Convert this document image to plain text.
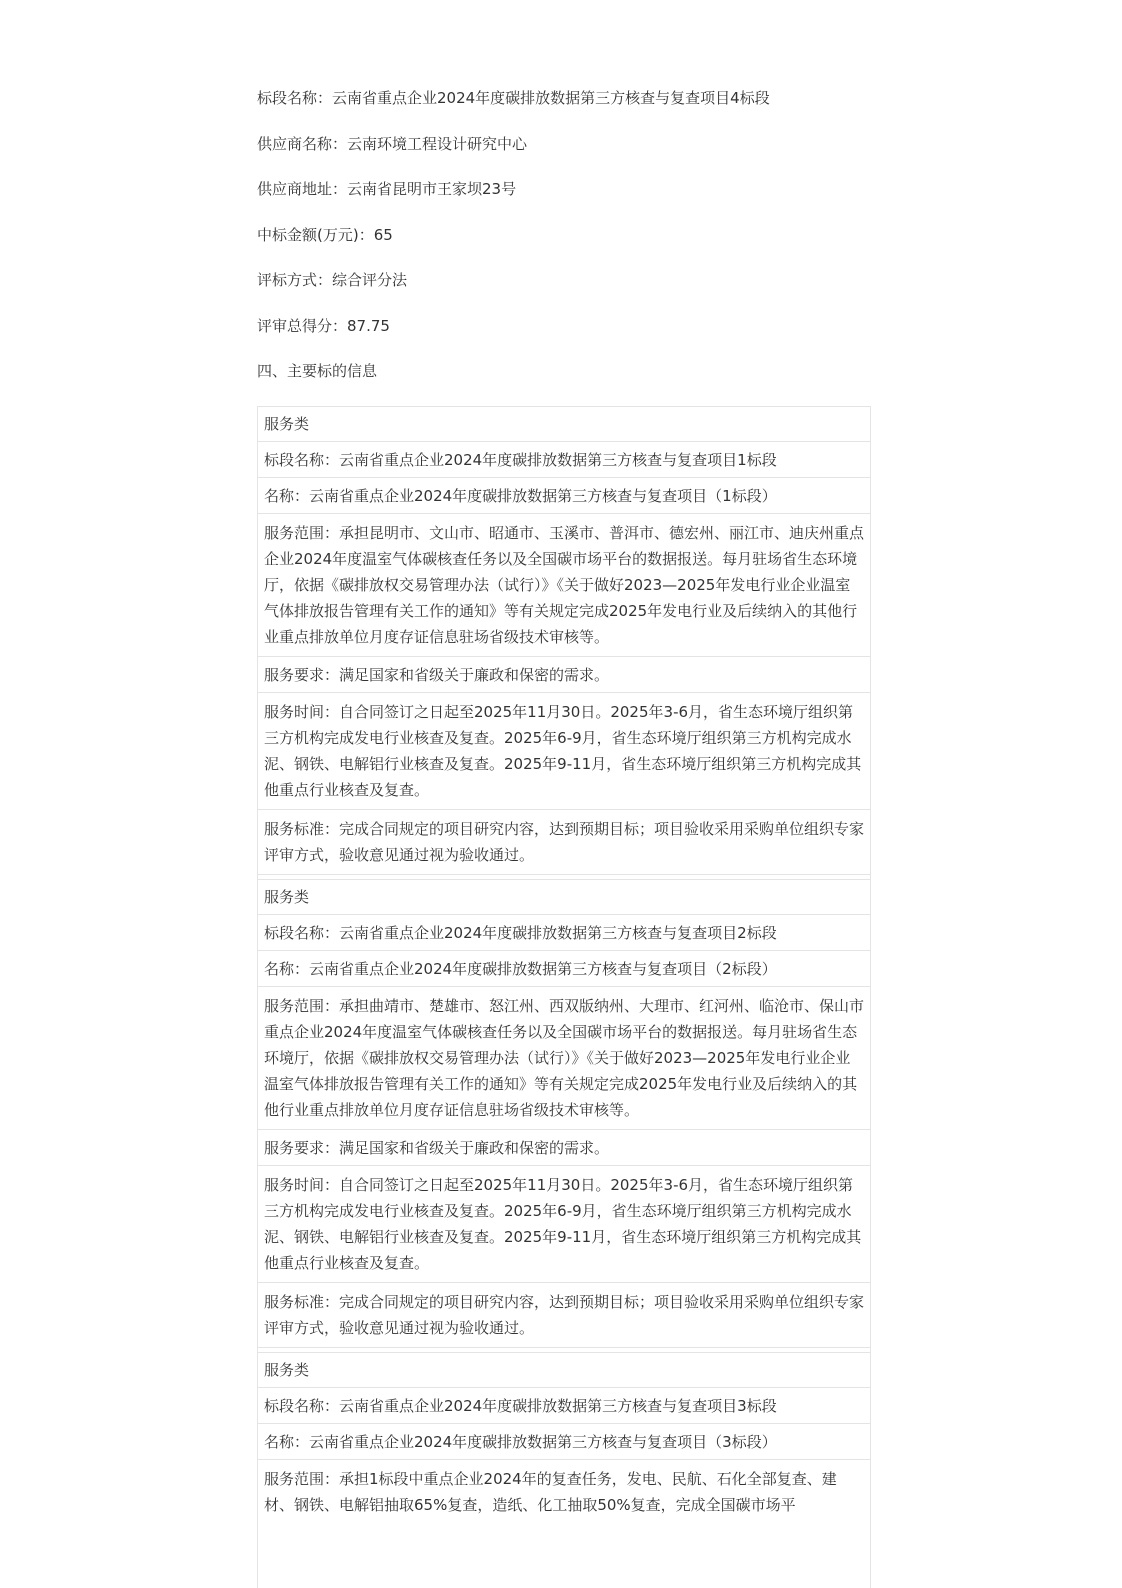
标段名称：云南省重点企业2024年度碳排放数据第三方核查与复查项目4标段

供应商名称：云南环境工程设计研究中心

供应商地址：云南省昆明市王家坝23号

中标金额(万元)：65

评标方式：综合评分法

评审总得分：87.75

四、主要标的信息

服务类
标段名称：云南省重点企业2024年度碳排放数据第三方核查与复查项目1标段
名称：云南省重点企业2024年度碳排放数据第三方核查与复查项目（1标段）
服务范围：承担昆明市、文山市、昭通市、玉溪市、普洱市、德宏州、丽江市、迪庆州重点企业2024年度温室气体碳核查任务以及全国碳市场平台的数据报送。每月驻场省生态环境厅，依据《碳排放权交易管理办法（试行）》《关于做好2023—2025年发电行业企业温室气体排放报告管理有关工作的通知》等有关规定完成2025年发电行业及后续纳入的其他行业重点排放单位月度存证信息驻场省级技术审核等。
服务要求：满足国家和省级关于廉政和保密的需求。
服务时间：自合同签订之日起至2025年11月30日。2025年3-6月，省生态环境厅组织第三方机构完成发电行业核查及复查。2025年6-9月，省生态环境厅组织第三方机构完成水泥、钢铁、电解铝行业核查及复查。2025年9-11月，省生态环境厅组织第三方机构完成其他重点行业核查及复查。
服务标准：完成合同规定的项目研究内容，达到预期目标；项目验收采用采购单位组织专家评审方式，验收意见通过视为验收通过。
服务类
标段名称：云南省重点企业2024年度碳排放数据第三方核查与复查项目2标段
名称：云南省重点企业2024年度碳排放数据第三方核查与复查项目（2标段）
服务范围：承担曲靖市、楚雄市、怒江州、西双版纳州、大理市、红河州、临沧市、保山市重点企业2024年度温室气体碳核查任务以及全国碳市场平台的数据报送。每月驻场省生态环境厅，依据《碳排放权交易管理办法（试行）》《关于做好2023—2025年发电行业企业温室气体排放报告管理有关工作的通知》等有关规定完成2025年发电行业及后续纳入的其他行业重点排放单位月度存证信息驻场省级技术审核等。
服务要求：满足国家和省级关于廉政和保密的需求。
服务时间：自合同签订之日起至2025年11月30日。2025年3-6月，省生态环境厅组织第三方机构完成发电行业核查及复查。2025年6-9月，省生态环境厅组织第三方机构完成水泥、钢铁、电解铝行业核查及复查。2025年9-11月，省生态环境厅组织第三方机构完成其他重点行业核查及复查。
服务标准：完成合同规定的项目研究内容，达到预期目标；项目验收采用采购单位组织专家评审方式，验收意见通过视为验收通过。
服务类
标段名称：云南省重点企业2024年度碳排放数据第三方核查与复查项目3标段
名称：云南省重点企业2024年度碳排放数据第三方核查与复查项目（3标段）
服务范围：承担1标段中重点企业2024年的复查任务，发电、民航、石化全部复查、建材、钢铁、电解铝抽取65%复查，造纸、化工抽取50%复查，完成全国碳市场平
